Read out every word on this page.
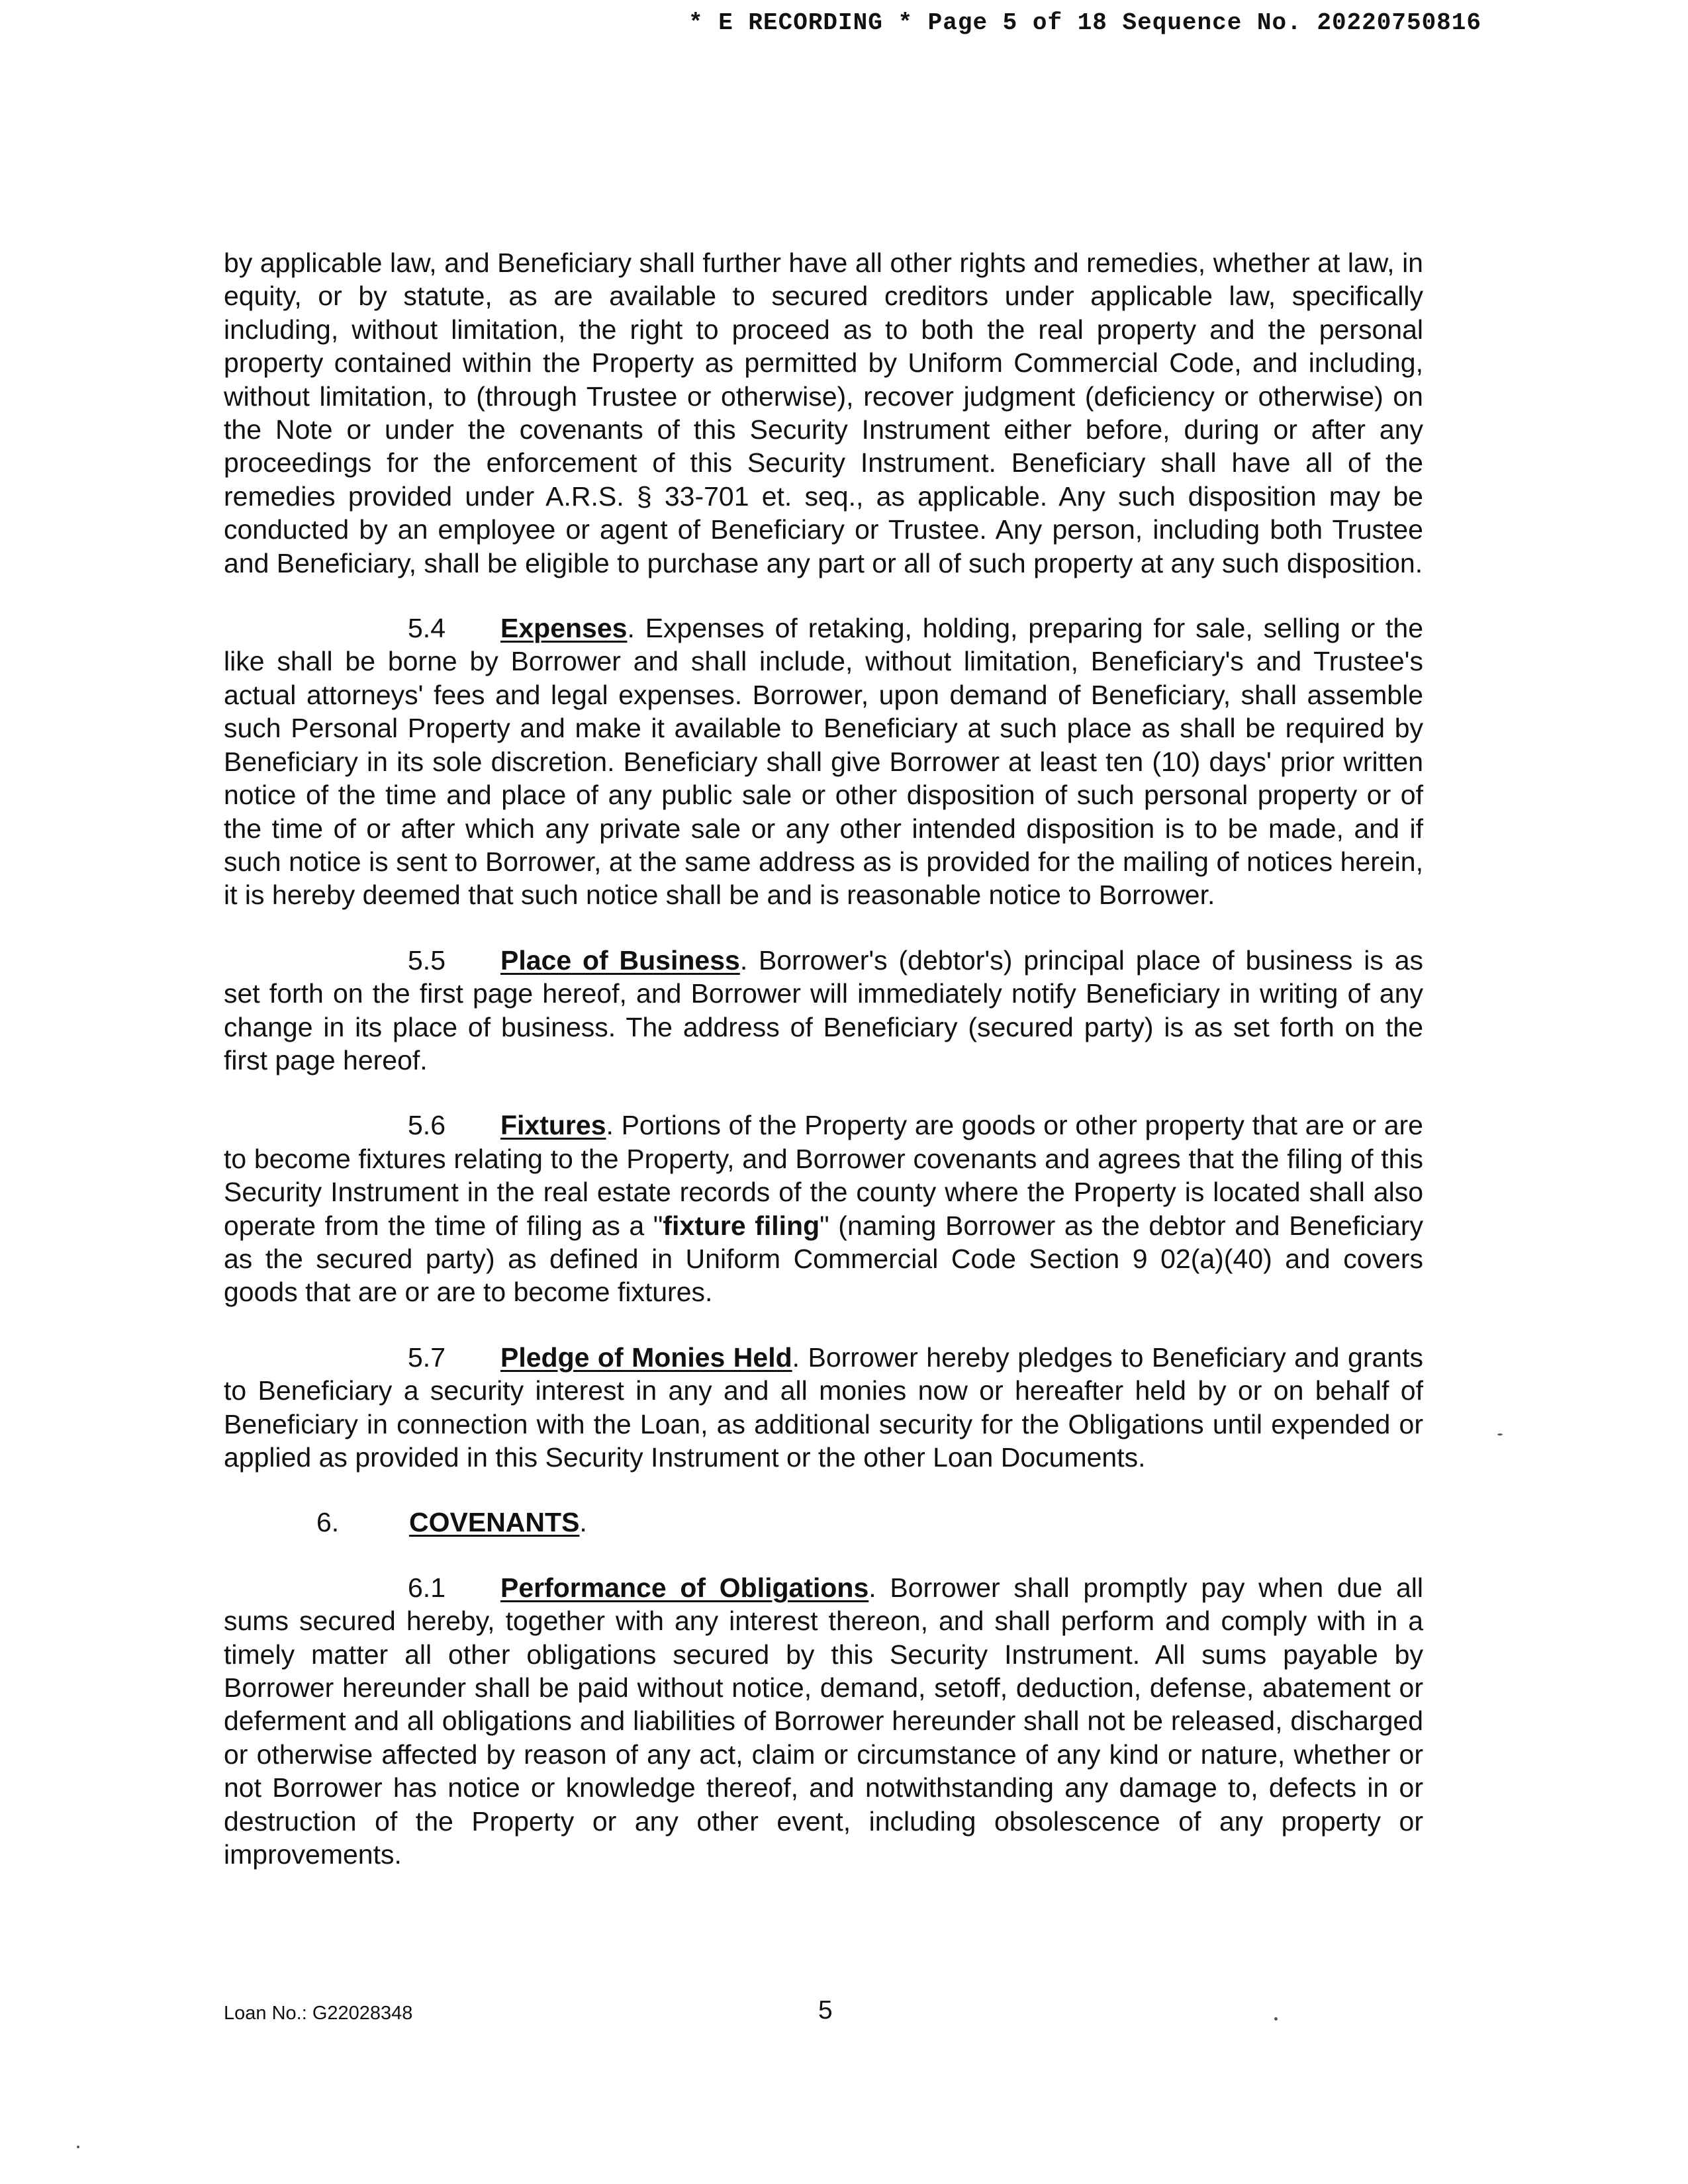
* E RECORDING * Page 5 of 18 Sequence No. 20220750816

by applicable law, and Beneficiary shall further have all other rights and remedies, whether at law, in equity, or by statute, as are available to secured creditors under applicable law, specifically including, without limitation, the right to proceed as to both the real property and the personal property contained within the Property as permitted by Uniform Commercial Code, and including, without limitation, to (through Trustee or otherwise), recover judgment (deficiency or otherwise) on the Note or under the covenants of this Security Instrument either before, during or after any proceedings for the enforcement of this Security Instrument. Beneficiary shall have all of the remedies provided under A.R.S. § 33-701 et. seq., as applicable. Any such disposition may be conducted by an employee or agent of Beneficiary or Trustee. Any person, including both Trustee and Beneficiary, shall be eligible to purchase any part or all of such property at any such disposition.

5.4 Expenses. Expenses of retaking, holding, preparing for sale, selling or the like shall be borne by Borrower and shall include, without limitation, Beneficiary's and Trustee's actual attorneys' fees and legal expenses. Borrower, upon demand of Beneficiary, shall assemble such Personal Property and make it available to Beneficiary at such place as shall be required by Beneficiary in its sole discretion. Beneficiary shall give Borrower at least ten (10) days' prior written notice of the time and place of any public sale or other disposition of such personal property or of the time of or after which any private sale or any other intended disposition is to be made, and if such notice is sent to Borrower, at the same address as is provided for the mailing of notices herein, it is hereby deemed that such notice shall be and is reasonable notice to Borrower.

5.5 Place of Business. Borrower's (debtor's) principal place of business is as set forth on the first page hereof, and Borrower will immediately notify Beneficiary in writing of any change in its place of business. The address of Beneficiary (secured party) is as set forth on the first page hereof.

5.6 Fixtures. Portions of the Property are goods or other property that are or are to become fixtures relating to the Property, and Borrower covenants and agrees that the filing of this Security Instrument in the real estate records of the county where the Property is located shall also operate from the time of filing as a "fixture filing" (naming Borrower as the debtor and Beneficiary as the secured party) as defined in Uniform Commercial Code Section 9 02(a)(40) and covers goods that are or are to become fixtures.

5.7 Pledge of Monies Held. Borrower hereby pledges to Beneficiary and grants to Beneficiary a security interest in any and all monies now or hereafter held by or on behalf of Beneficiary in connection with the Loan, as additional security for the Obligations until expended or applied as provided in this Security Instrument or the other Loan Documents.

6.	COVENANTS.

6.1 Performance of Obligations. Borrower shall promptly pay when due all sums secured hereby, together with any interest thereon, and shall perform and comply with in a timely matter all other obligations secured by this Security Instrument. All sums payable by Borrower hereunder shall be paid without notice, demand, setoff, deduction, defense, abatement or deferment and all obligations and liabilities of Borrower hereunder shall not be released, discharged or otherwise affected by reason of any act, claim or circumstance of any kind or nature, whether or not Borrower has notice or knowledge thereof, and notwithstanding any damage to, defects in or destruction of the Property or any other event, including obsolescence of any property or improvements.

Loan No.: G22028348	5
